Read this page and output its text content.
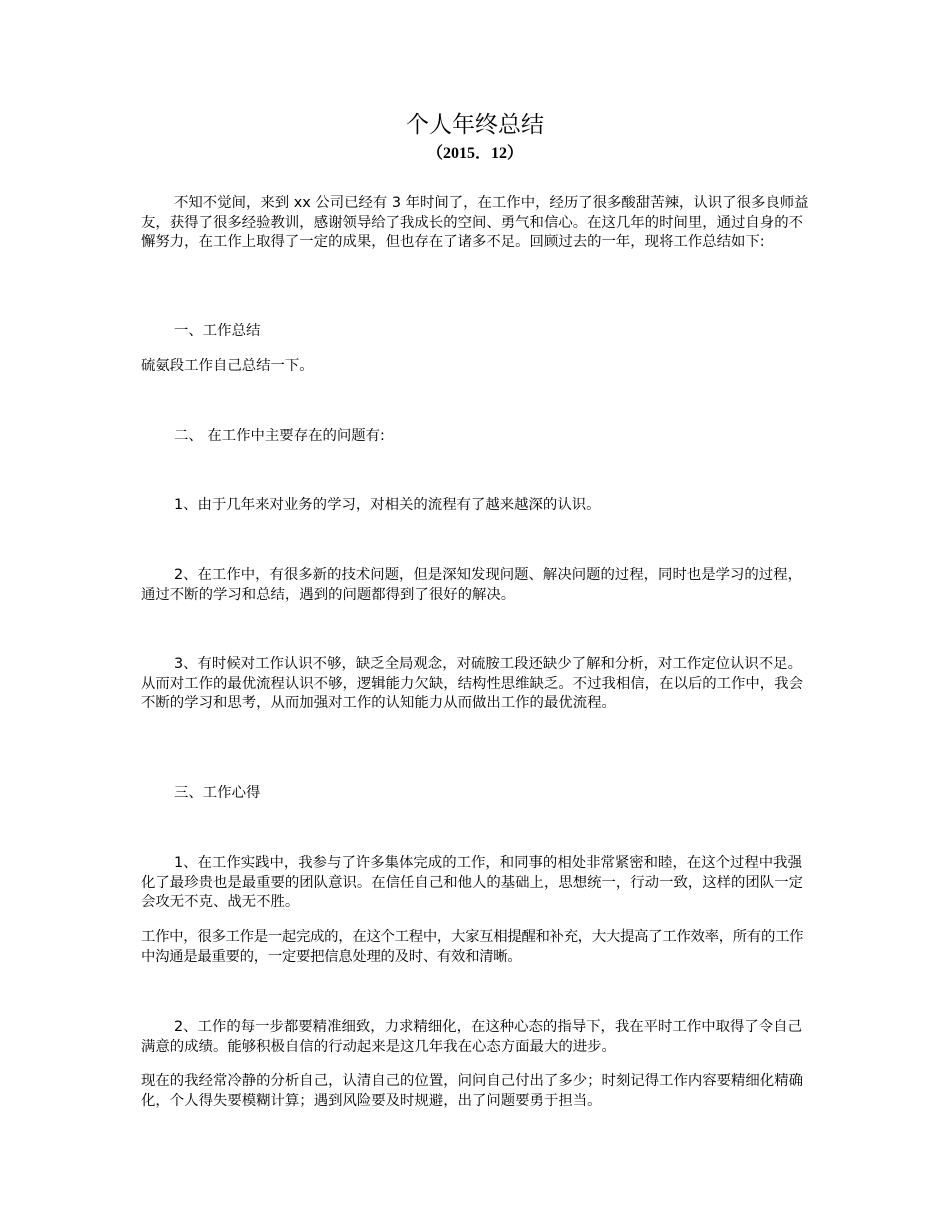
个人年终总结
（2015．12）

不知不觉间，来到 xx 公司已经有 3 年时间了，在工作中，经历了很多酸甜苦辣，认识了很多良师益友，获得了很多经验教训，感谢领导给了我成长的空间、勇气和信心。在这几年的时间里，通过自身的不懈努力，在工作上取得了一定的成果，但也存在了诸多不足。回顾过去的一年，现将工作总结如下:

一、工作总结

硫氨段工作自己总结一下。

二、 在工作中主要存在的问题有:

1、由于几年来对业务的学习，对相关的流程有了越来越深的认识。

2、在工作中，有很多新的技术问题，但是深知发现问题、解决问题的过程，同时也是学习的过程，通过不断的学习和总结，遇到的问题都得到了很好的解决。

3、有时候对工作认识不够，缺乏全局观念，对硫胺工段还缺少了解和分析，对工作定位认识不足。从而对工作的最优流程认识不够，逻辑能力欠缺，结构性思维缺乏。不过我相信，在以后的工作中，我会不断的学习和思考，从而加强对工作的认知能力从而做出工作的最优流程。

三、工作心得

1、在工作实践中，我参与了许多集体完成的工作，和同事的相处非常紧密和睦，在这个过程中我强化了最珍贵也是最重要的团队意识。在信任自己和他人的基础上，思想统一，行动一致，这样的团队一定会攻无不克、战无不胜。

工作中，很多工作是一起完成的，在这个工程中，大家互相提醒和补充，大大提高了工作效率，所有的工作中沟通是最重要的，一定要把信息处理的及时、有效和清晰。

2、工作的每一步都要精准细致，力求精细化，在这种心态的指导下，我在平时工作中取得了令自己满意的成绩。能够积极自信的行动起来是这几年我在心态方面最大的进步。

现在的我经常冷静的分析自己，认清自己的位置，问问自己付出了多少；时刻记得工作内容要精细化精确化，个人得失要模糊计算；遇到风险要及时规避，出了问题要勇于担当。
